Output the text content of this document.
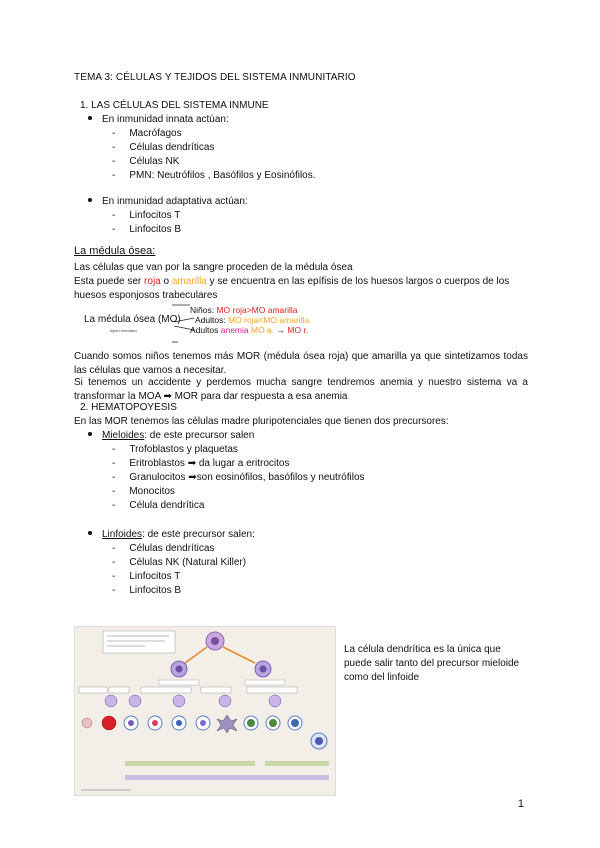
TEMA 3: CÉLULAS Y TEJIDOS DEL SISTEMA INMUNITARIO
1. LAS CÉLULAS DEL SISTEMA INMUNE
En inmunidad innata actúan:
- Macrófagos
- Células dendríticas
- Células NK
- PMN: Neutrófilos , Basófilos y Eosinófilos.
En inmunidad adaptativa actúan:
- Linfocitos T
- Linfocitos B
La médula ósea:
Las células que van por la sangre proceden de la médula ósea
Esta puede ser roja o amarilla y se encuentra en las epífisis de los huesos largos o cuerpos de los
huesos esponjosos trabeculares
La médula ósea (MO)
tejido hemático
Niños: MO roja>MO amarilla
Adultos: MO roja<MO amarilla
Adultos anemia MO a. → MO r.
Cuando somos niños tenemos más MOR (médula ósea roja) que amarilla ya que sintetizamos todas las células que vamos a necesitar.
Si tenemos un accidente y perdemos mucha sangre tendremos anemia y nuestro sistema va a transformar la MOA ➡ MOR para dar respuesta a esa anemia
2. HEMATOPOYESIS
En las MOR tenemos las células madre pluripotenciales que tienen dos precursores:
Mieloides: de este precursor salen
- Trofoblastos y plaquetas
- Eritroblastos ➡ da lugar a eritrocitos
- Granulocitos ➡son eosinófilos, basófilos y neutrófilos
- Monocitos
- Célula dendrítica
Linfoides: de este precursor salen:
- Células dendríticas
- Células NK (Natural Killer)
- Linfocitos T
- Linfocitos B
La célula dendrítica es la única que
puede salir tanto del precursor mieloide
como del linfoide
1
